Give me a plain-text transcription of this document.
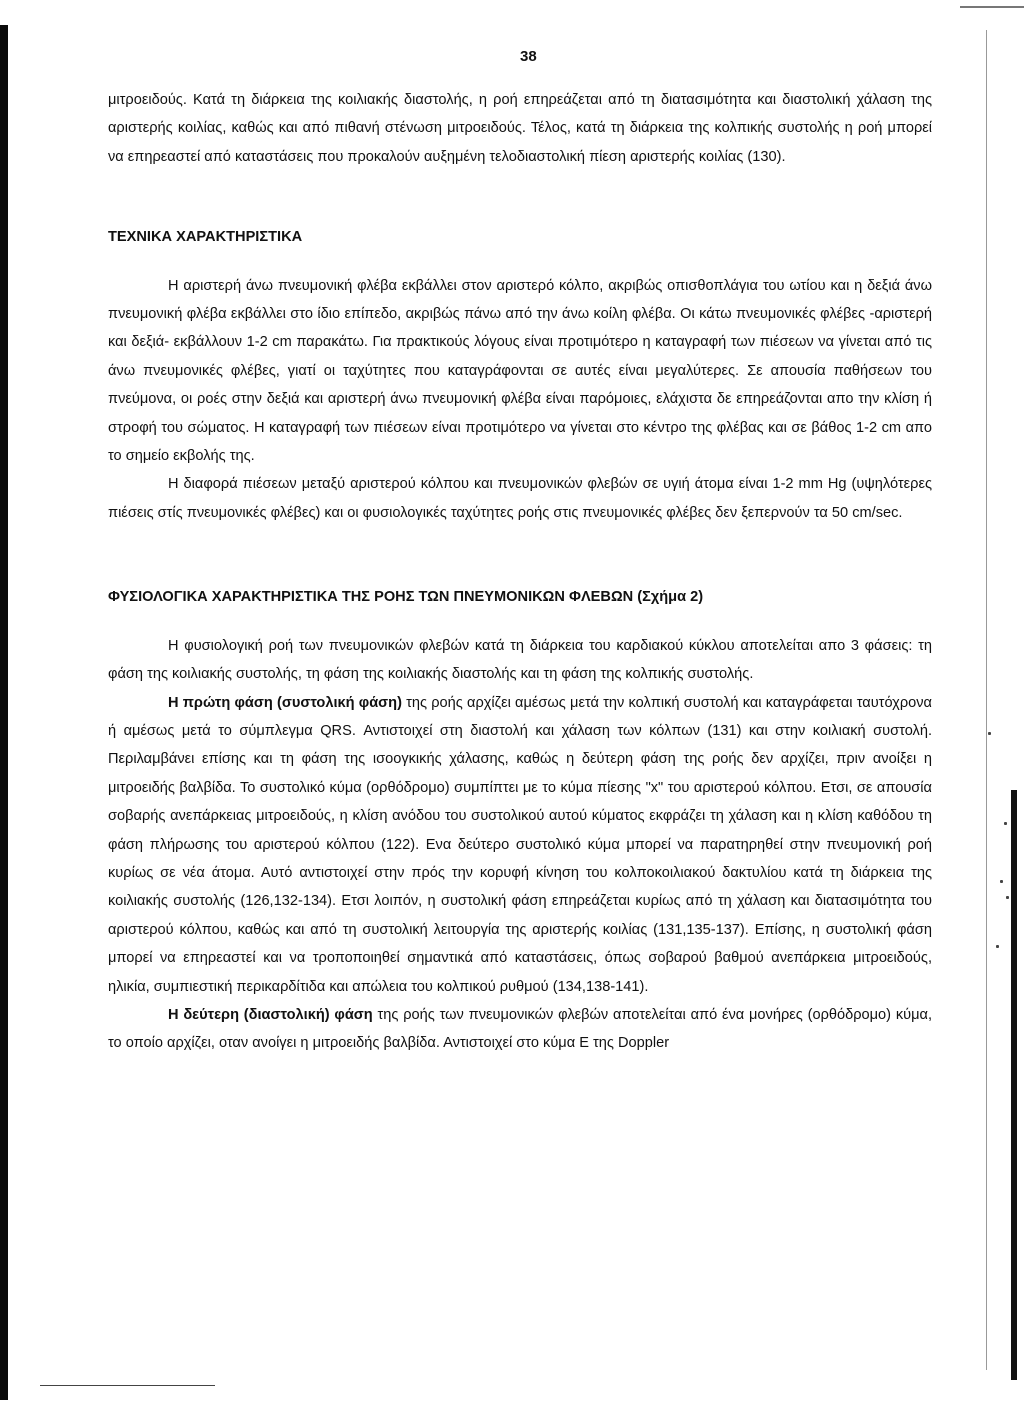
38

μιτροειδούς. Κατά τη διάρκεια της κοιλιακής διαστολής, η ροή επηρεάζεται από τη διατασιμότητα και διαστολική χάλαση της αριστερής κοιλίας, καθώς και από πιθανή στένωση μιτροειδούς. Τέλος, κατά τη διάρκεια της κολπικής συστολής η ροή μπορεί να επηρεαστεί από καταστάσεις που προκαλούν αυξημένη τελοδιαστολική πίεση αριστερής κοιλίας (130).

ΤΕΧΝΙΚΑ ΧΑΡΑΚΤΗΡΙΣΤΙΚΑ

Η αριστερή άνω πνευμονική φλέβα εκβάλλει στον αριστερό κόλπο, ακριβώς οπισθοπλάγια του ωτίου και η δεξιά άνω πνευμονική φλέβα εκβάλλει στο ίδιο επίπεδο, ακριβώς πάνω από την άνω κοίλη φλέβα. Οι κάτω πνευμονικές φλέβες -αριστερή και δεξιά- εκβάλλουν 1-2 cm παρακάτω. Για πρακτικούς λόγους είναι προτιμότερο η καταγραφή των πιέσεων να γίνεται από τις άνω πνευμονικές φλέβες, γιατί οι ταχύτητες που καταγράφονται σε αυτές είναι μεγαλύτερες. Σε απουσία παθήσεων του πνεύμονα, οι ροές στην δεξιά και αριστερή άνω πνευμονική φλέβα είναι παρόμοιες, ελάχιστα δε επηρεάζονται απο την κλίση ή στροφή του σώματος. Η καταγραφή των πιέσεων είναι προτιμότερο να γίνεται στο κέντρο της φλέβας και σε βάθος 1-2 cm απο το σημείο εκβολής της.

Η διαφορά πιέσεων μεταξύ αριστερού κόλπου και πνευμονικών φλεβών σε υγιή άτομα είναι 1-2 mm Hg (υψηλότερες πιέσεις στίς πνευμονικές φλέβες) και οι φυσιολογικές ταχύτητες ροής στις πνευμονικές φλέβες δεν ξεπερνούν τα 50 cm/sec.

ΦΥΣΙΟΛΟΓΙΚΑ ΧΑΡΑΚΤΗΡΙΣΤΙΚΑ ΤΗΣ ΡΟΗΣ ΤΩΝ ΠΝΕΥΜΟΝΙΚΩΝ ΦΛΕΒΩΝ (Σχήμα 2)

Η φυσιολογική ροή των πνευμονικών φλεβών κατά τη διάρκεια του καρδιακού κύκλου αποτελείται απο 3 φάσεις: τη φάση της κοιλιακής συστολής, τη φάση της κοιλιακής διαστολής και τη φάση της κολπικής συστολής.

Η πρώτη φάση (συστολική φάση) της ροής αρχίζει αμέσως μετά την κολπική συστολή και καταγράφεται ταυτόχρονα ή αμέσως μετά το σύμπλεγμα QRS. Αντιστοιχεί στη διαστολή και χάλαση των κόλπων (131) και στην κοιλιακή συστολή. Περιλαμβάνει επίσης και τη φάση της ισοογκικής χάλασης, καθώς η δεύτερη φάση της ροής δεν αρχίζει, πριν ανοίξει η μιτροειδής βαλβίδα. Το συστολικό κύμα (ορθόδρομο) συμπίπτει με το κύμα πίεσης "x" του αριστερού κόλπου. Ετσι, σε απουσία σοβαρής ανεπάρκειας μιτροειδούς, η κλίση ανόδου του συστολικού αυτού κύματος εκφράζει τη χάλαση και η κλίση καθόδου τη φάση πλήρωσης του αριστερού κόλπου (122). Ενα δεύτερο συστολικό κύμα μπορεί να παρατηρηθεί στην πνευμονική ροή κυρίως σε νέα άτομα. Αυτό αντιστοιχεί στην πρός την κορυφή κίνηση του κολποκοιλιακού δακτυλίου κατά τη διάρκεια της κοιλιακής συστολής (126,132-134). Ετσι λοιπόν, η συστολική φάση επηρεάζεται κυρίως από τη χάλαση και διατασιμότητα του αριστερού κόλπου, καθώς και από τη συστολική λειτουργία της αριστερής κοιλίας (131,135-137). Επίσης, η συστολική φάση μπορεί να επηρεαστεί και να τροποποιηθεί σημαντικά από καταστάσεις, όπως σοβαρού βαθμού ανεπάρκεια μιτροειδούς, ηλικία, συμπιεστική περικαρδίτιδα και απώλεια του κολπικού ρυθμού (134,138-141).

Η δεύτερη (διαστολική) φάση της ροής των πνευμονικών φλεβών αποτελείται από ένα μονήρες (ορθόδρομο) κύμα, το οποίο αρχίζει, οταν ανοίγει η μιτροειδής βαλβίδα. Αντιστοιχεί στο κύμα Ε της Doppler
